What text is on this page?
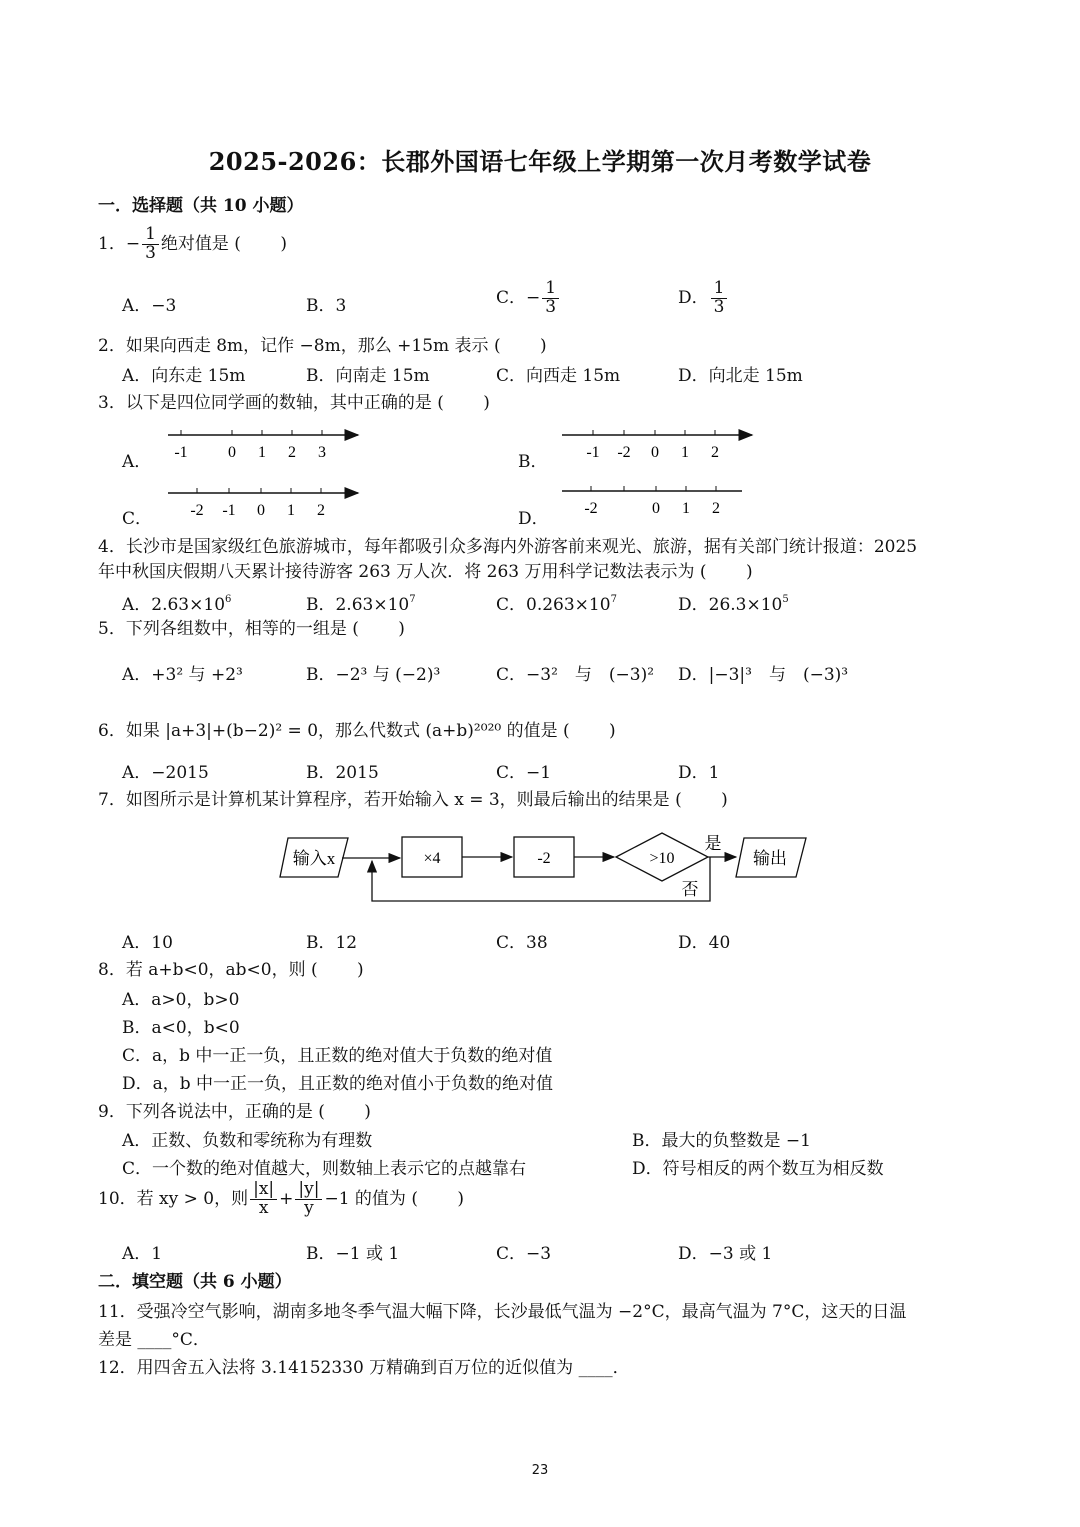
2025-2026：长郡外国语七年级上学期第一次月考数学试卷
一．选择题（共 10 小题）
1．− $\frac{1}{3}$ 绝对值是 (　　 )
A．−3	B．3	C．− $\frac{1}{3}$	D． $\frac{1}{3}$
2．如果向西走 8m，记作 −8m，那么 +15m 表示 (　　 )
A．向东走 15m	B．向南走 15m	C．向西走 15m	D．向北走 15m
3．以下是四位同学画的数轴，其中正确的是 (　　 )
A．	B．
C．	D．
-1	0 1 2 3	-1 -2 0 1 2
-2 -1 0 1 2	-2	0 1 2
4．长沙市是国家级红色旅游城市，每年都吸引众多海内外游客前来观光、旅游，据有关部门统计报道：2025
年中秋国庆假期八天累计接待游客 263 万人次．将 263 万用科学记数法表示为 (　　 )
A．$2.63\times 10^6$	B．$2.63\times 10^7$	C．$0.263\times 10^7$	D．$26.3\times 10^5$
5．下列各组数中，相等的一组是 (　　 )
A．+3² 与 +2³	B．−2³ 与 (−2)³	C．−3²　与　(−3)² D．|−3|³　与　(−3)³
6．如果 |a+3|+(b−2)² = 0，那么代数式 (a+b)²⁰²⁰ 的值是 (　　 )
A．−2015	B．2015	C．−1	D．1
7．如图所示是计算机某计算程序，若开始输入 x = 3，则最后输出的结果是 (　　 )
输入x	×4	-2	>10
是
输出
否
A．10	B．12	C．38	D．40
8．若 a+b<0，ab<0，则 (　　 )
A．a>0，b>0
B．a<0，b<0
C．a，b 中一正一负，且正数的绝对值大于负数的绝对值
D．a，b 中一正一负，且正数的绝对值小于负数的绝对值
9．下列各说法中，正确的是 (　　 )
A．正数、负数和零统称为有理数	B．最大的负整数是 −1
C．一个数的绝对值越大，则数轴上表示它的点越靠右	D．符号相反的两个数互为相反数
10．若 xy > 0，则 $\frac{|x|}{x} + \frac{|y|}{y} -1$ 的值为 (　　 )
A．1	B．−1 或 1	C．−3	D．−3 或 1
二．填空题（共 6 小题）
11．受强冷空气影响，湖南多地冬季气温大幅下降，长沙最低气温为 −2°C，最高气温为 7°C，这天的日温
差是 ____°C．
12．用四舍五入法将 3.14152330 万精确到百万位的近似值为 ____．
23
